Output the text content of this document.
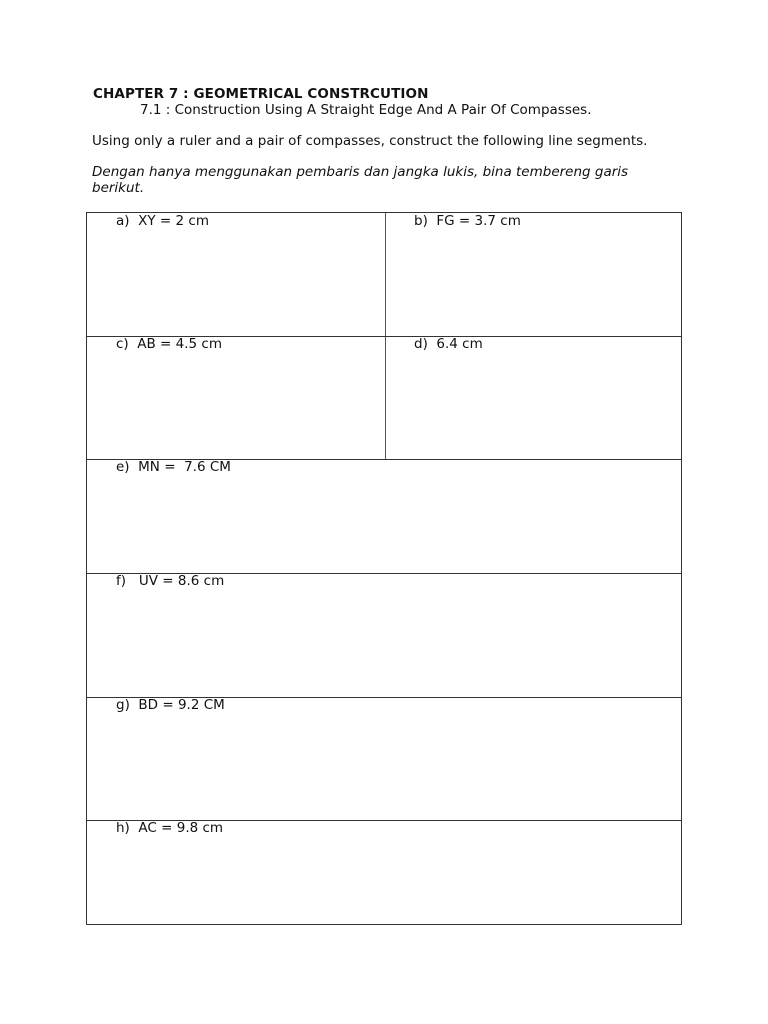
CHAPTER 7 : GEOMETRICAL CONSTRCUTION
7.1 : Construction Using A Straight Edge And A Pair Of Compasses.
Using only a ruler and a pair of compasses, construct the following line segments.
Dengan hanya menggunakan pembaris dan jangka lukis, bina tembereng garis berikut.
a)  XY = 2 cm	b)  FG = 3.7 cm
c)  AB = 4.5 cm	d)  6.4 cm
e)  MN =  7.6 CM
f)   UV = 8.6 cm
g)  BD = 9.2 CM
h)  AC = 9.8 cm
